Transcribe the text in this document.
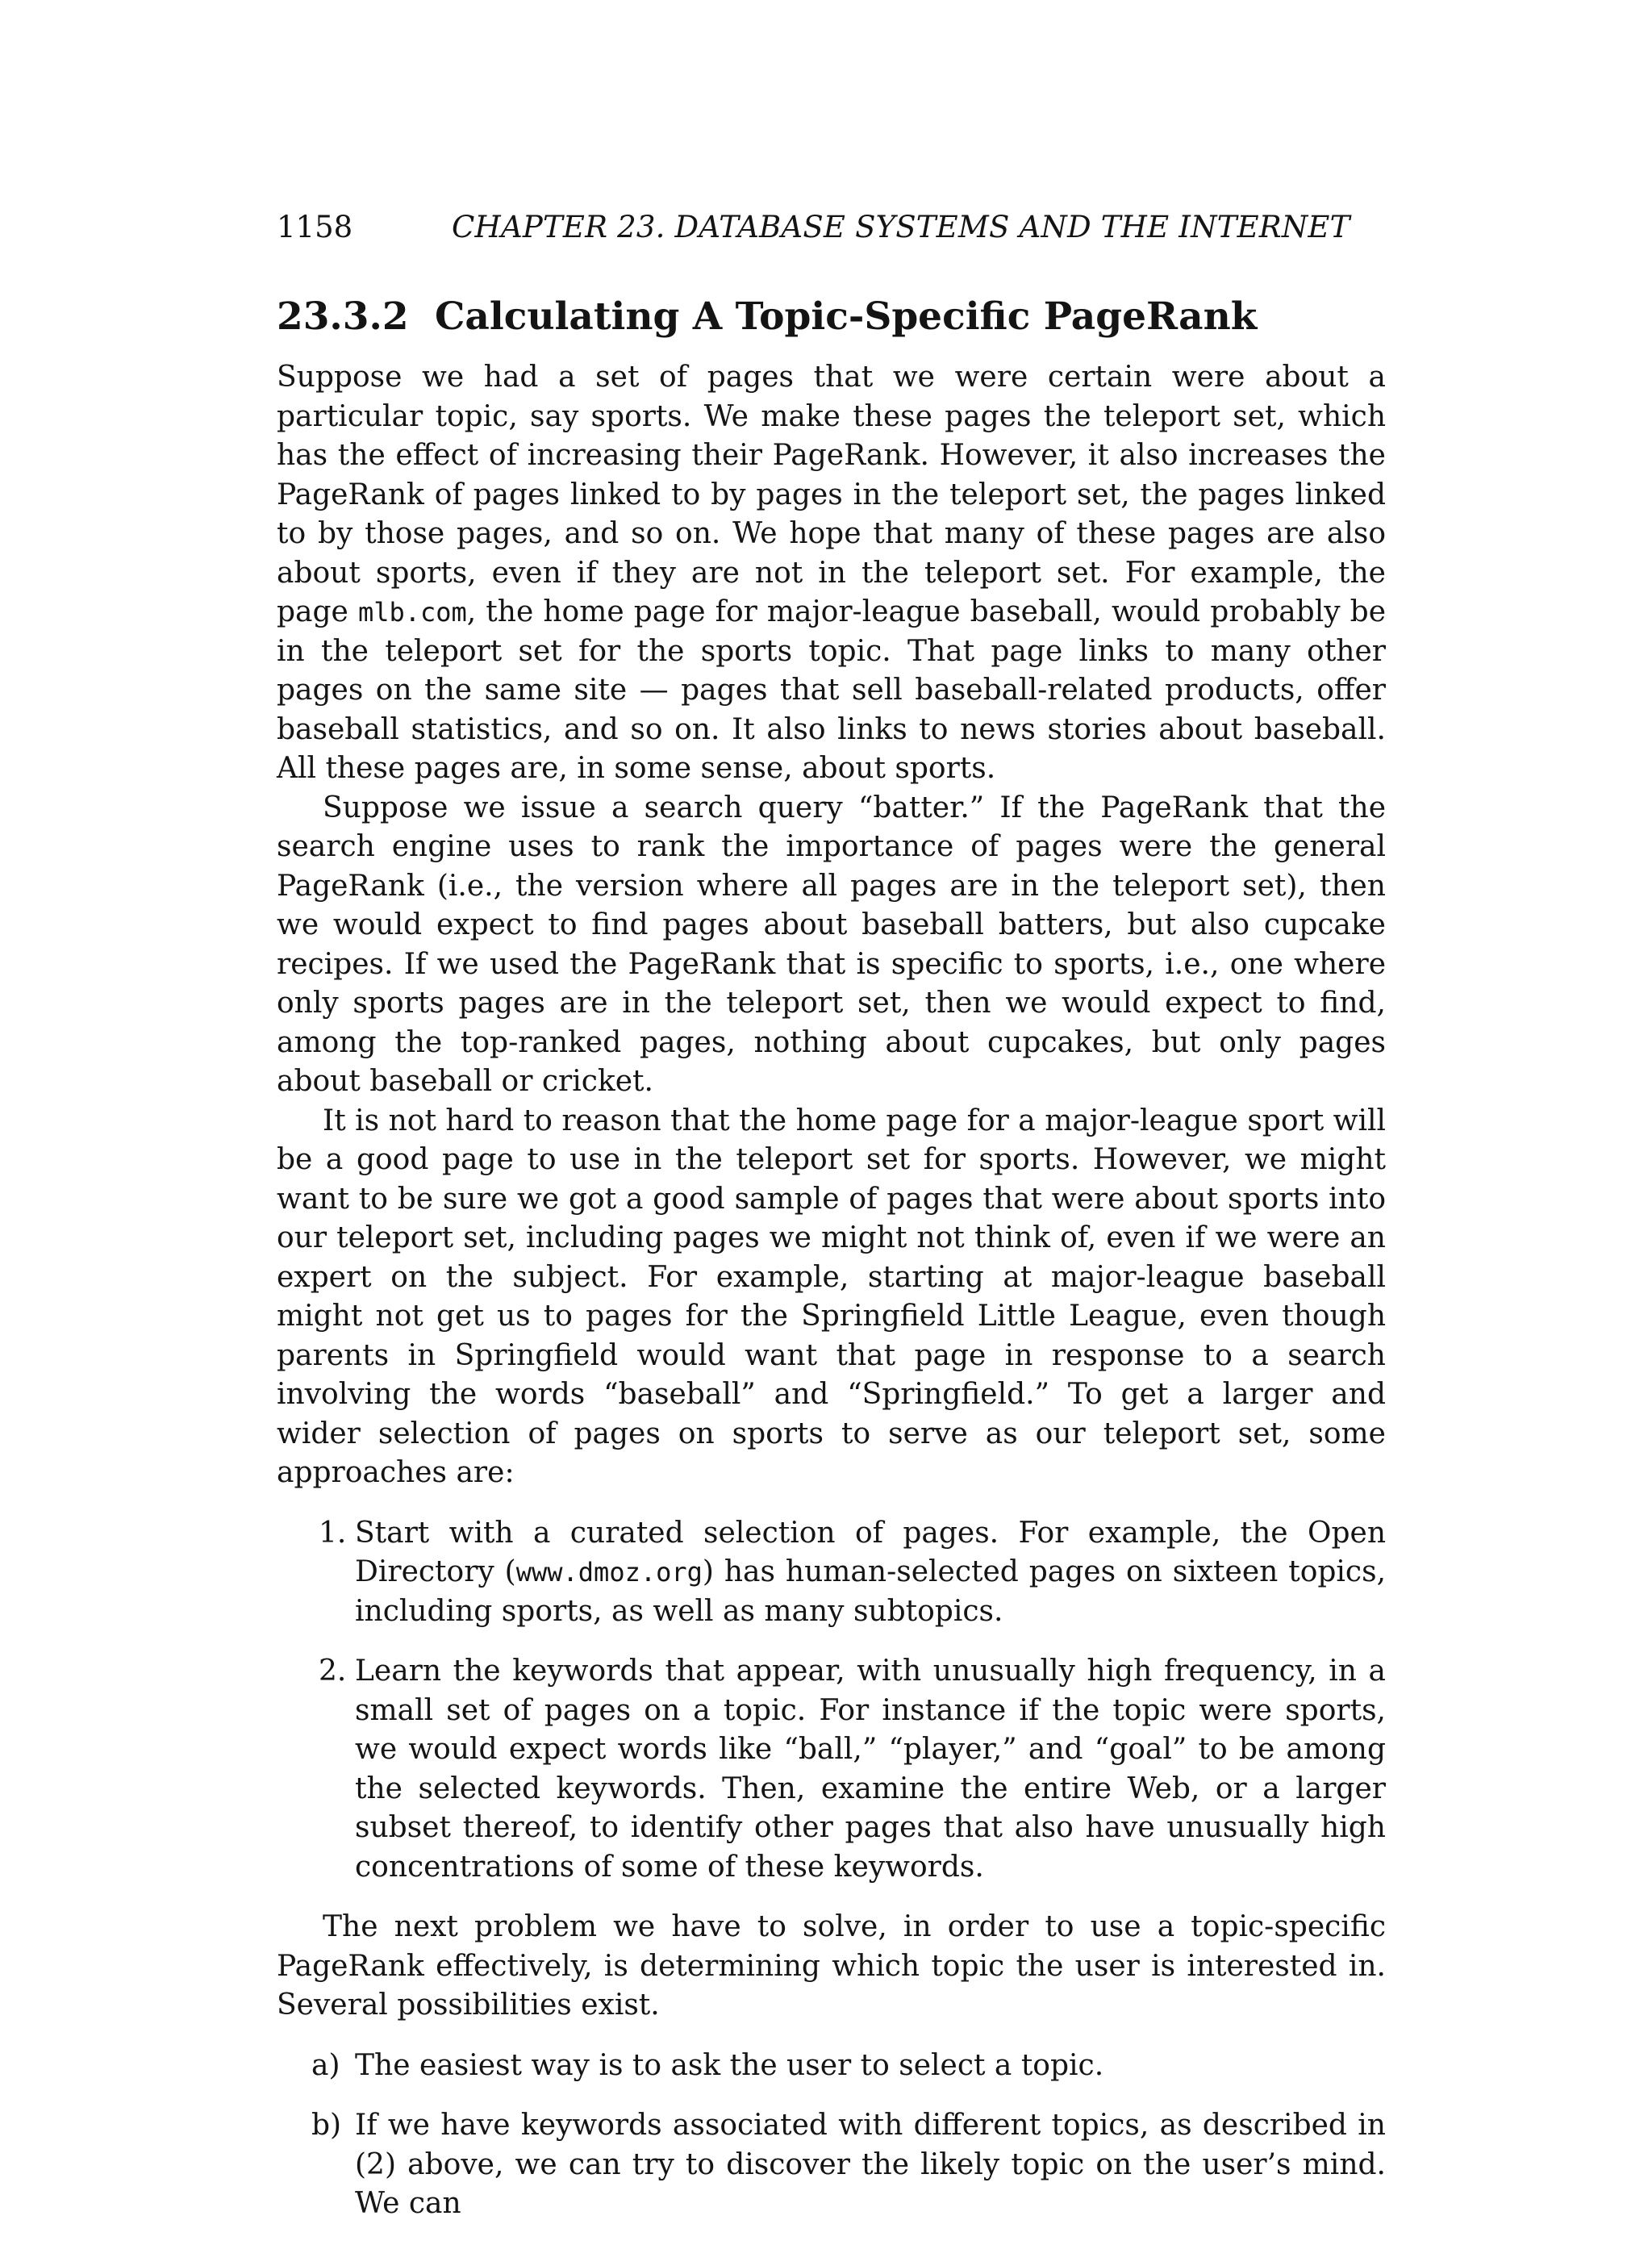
1158	CHAPTER 23. DATABASE SYSTEMS AND THE INTERNET
23.3.2 Calculating A Topic-Specific PageRank

Suppose we had a set of pages that we were certain were about a particular topic, say sports. We make these pages the teleport set, which has the effect of increasing their PageRank. However, it also increases the PageRank of pages linked to by pages in the teleport set, the pages linked to by those pages, and so on. We hope that many of these pages are also about sports, even if they are not in the teleport set. For example, the page mlb.com, the home page for major-league baseball, would probably be in the teleport set for the sports topic. That page links to many other pages on the same site — pages that sell baseball-related products, offer baseball statistics, and so on. It also links to news stories about baseball. All these pages are, in some sense, about sports.

Suppose we issue a search query “batter.” If the PageRank that the search engine uses to rank the importance of pages were the general PageRank (i.e., the version where all pages are in the teleport set), then we would expect to find pages about baseball batters, but also cupcake recipes. If we used the PageRank that is specific to sports, i.e., one where only sports pages are in the teleport set, then we would expect to find, among the top-ranked pages, nothing about cupcakes, but only pages about baseball or cricket.

It is not hard to reason that the home page for a major-league sport will be a good page to use in the teleport set for sports. However, we might want to be sure we got a good sample of pages that were about sports into our teleport set, including pages we might not think of, even if we were an expert on the subject. For example, starting at major-league baseball might not get us to pages for the Springfield Little League, even though parents in Springfield would want that page in response to a search involving the words “baseball” and “Springfield.” To get a larger and wider selection of pages on sports to serve as our teleport set, some approaches are:

1. Start with a curated selection of pages. For example, the Open Directory (www.dmoz.org) has human-selected pages on sixteen topics, including sports, as well as many subtopics.
2. Learn the keywords that appear, with unusually high frequency, in a small set of pages on a topic. For instance if the topic were sports, we would expect words like “ball,” “player,” and “goal” to be among the selected keywords. Then, examine the entire Web, or a larger subset thereof, to identify other pages that also have unusually high concentrations of some of these keywords.

The next problem we have to solve, in order to use a topic-specific PageRank effectively, is determining which topic the user is interested in. Several possibilities exist.

a) The easiest way is to ask the user to select a topic.
b) If we have keywords associated with different topics, as described in (2) above, we can try to discover the likely topic on the user’s mind. We can
